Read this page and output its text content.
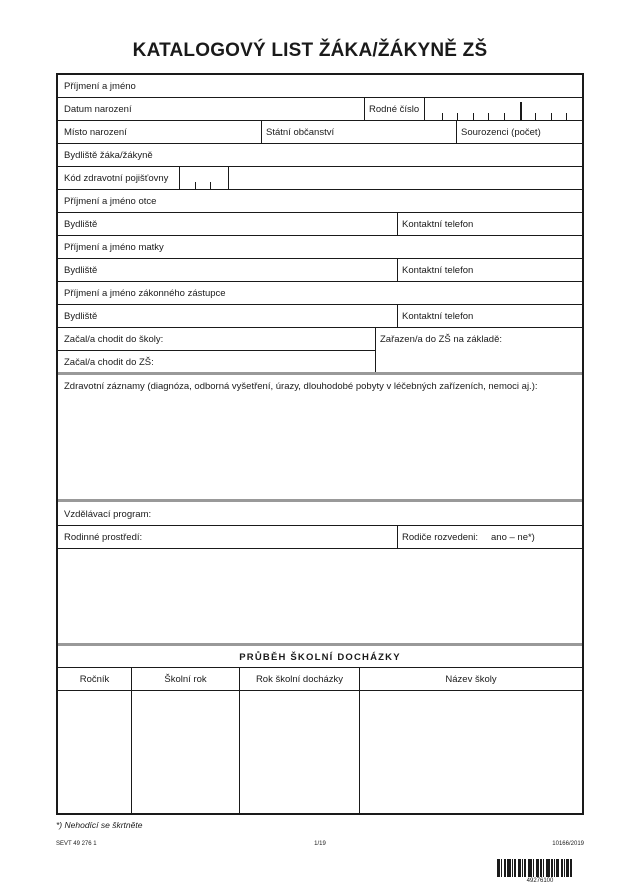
KATALOGOVÝ LIST ŽÁKA/ŽÁKYNĚ ZŠ
Příjmení a jméno
Datum narození	Rodné číslo
Místo narození	Státní občanství	Sourozenci (počet)
Bydliště žáka/žákyně
Kód zdravotní pojišťovny
Příjmení a jméno otce
Bydliště	Kontaktní telefon
Příjmení a jméno matky
Bydliště	Kontaktní telefon
Příjmení a jméno zákonného zástupce
Bydliště	Kontaktní telefon
Začal/a chodit do školy:	Zařazen/a do ZŠ na základě:
Začal/a chodit do ZŠ:
Zdravotní záznamy (diagnóza, odborná vyšetření, úrazy, dlouhodobé pobyty v léčebných zařízeních, nemoci aj.):
Vzdělávací program:
Rodinné prostředí:	Rodiče rozvedeni: ano – ne*)
PRŮBĚH ŠKOLNÍ DOCHÁZKY
Ročník	Školní rok	Rok školní docházky	Název školy
*) Nehodící se škrtněte
SEVT 49 276 1	1/19	10166/2019
49276100
